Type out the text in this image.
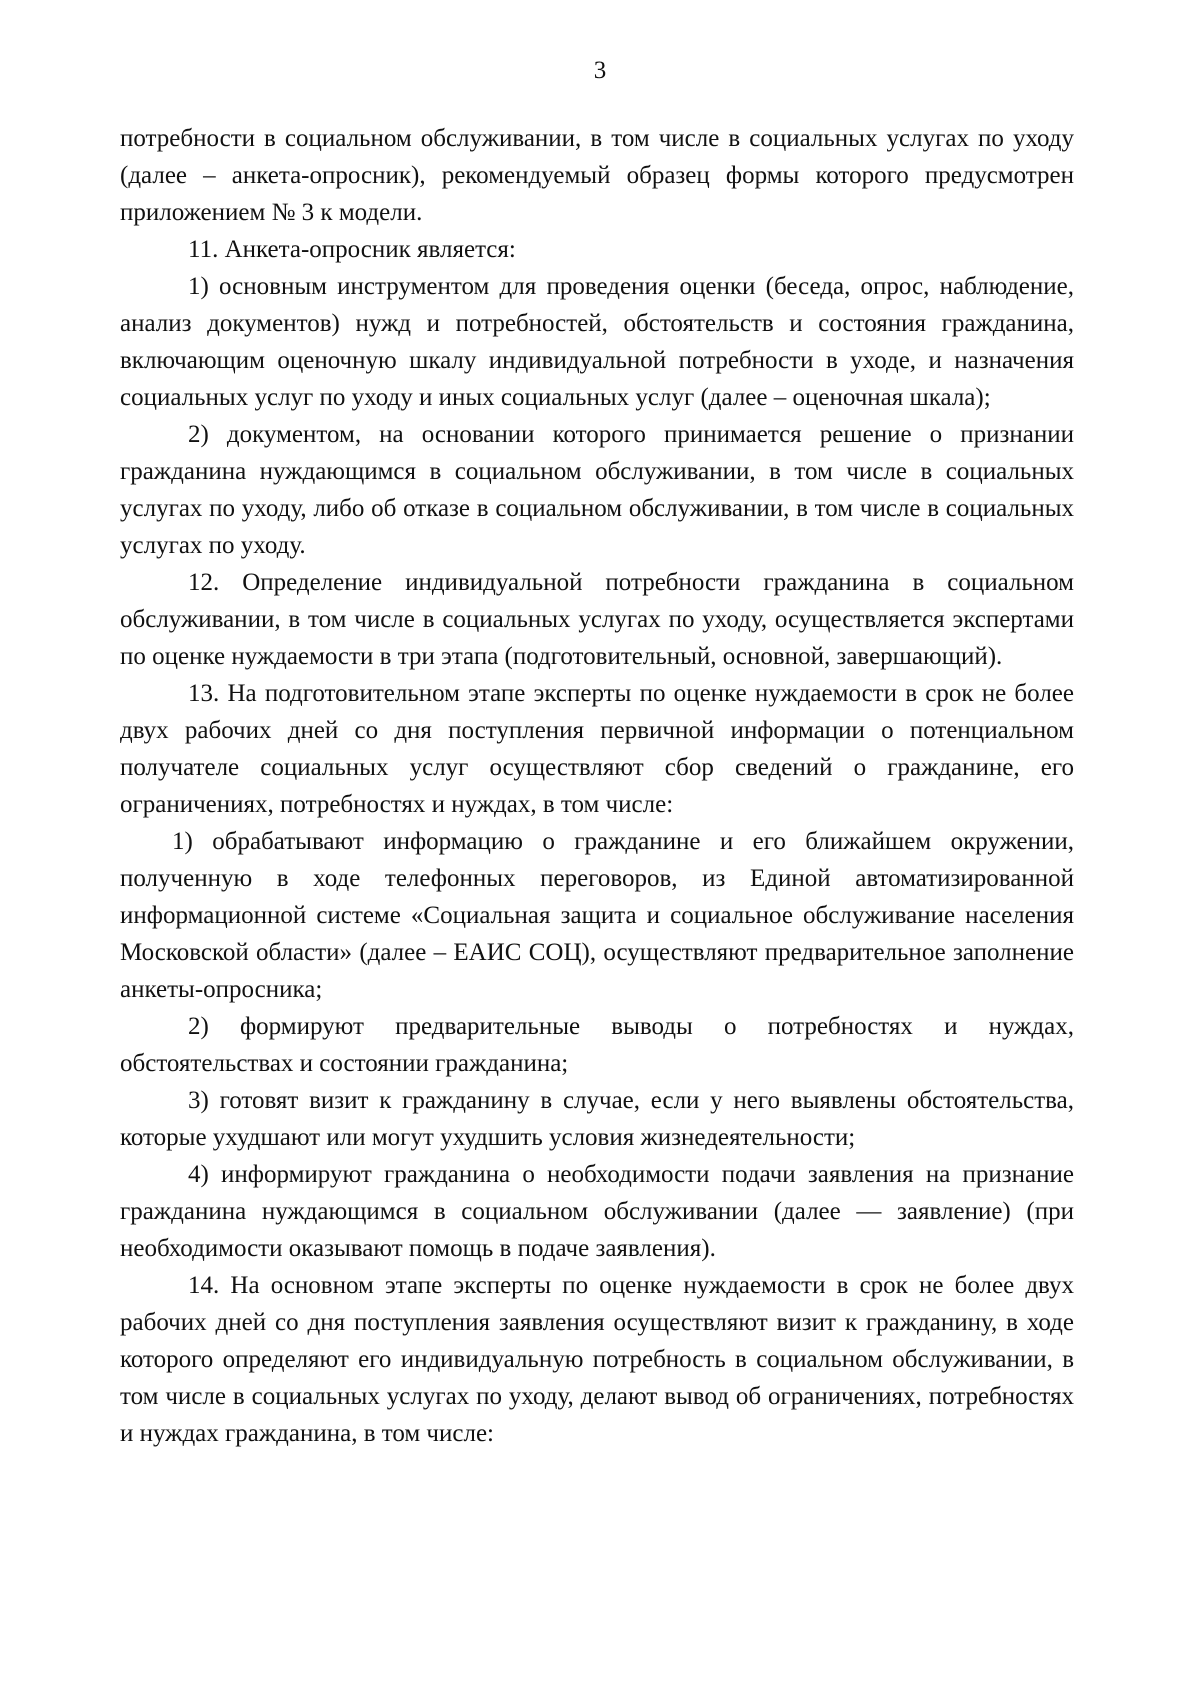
3

потребности в социальном обслуживании, в том числе в социальных услугах по уходу (далее – анкета-опросник), рекомендуемый образец формы которого предусмотрен приложением № 3 к модели.

11. Анкета-опросник является:

1) основным инструментом для проведения оценки (беседа, опрос, наблюдение, анализ документов) нужд и потребностей, обстоятельств и состояния гражданина, включающим оценочную шкалу индивидуальной потребности в уходе, и назначения социальных услуг по уходу и иных социальных услуг (далее – оценочная шкала);

2) документом, на основании которого принимается решение о признании гражданина нуждающимся в социальном обслуживании, в том числе в социальных услугах по уходу, либо об отказе в социальном обслуживании, в том числе в социальных услугах по уходу.

12. Определение индивидуальной потребности гражданина в социальном обслуживании, в том числе в социальных услугах по уходу, осуществляется экспертами по оценке нуждаемости в три этапа (подготовительный, основной, завершающий).

13. На подготовительном этапе эксперты по оценке нуждаемости в срок не более двух рабочих дней со дня поступления первичной информации о потенциальном получателе социальных услуг осуществляют сбор сведений о гражданине, его ограничениях, потребностях и нуждах, в том числе:

1) обрабатывают информацию о гражданине и его ближайшем окружении, полученную в ходе телефонных переговоров, из Единой автоматизированной информационной системе «Социальная защита и социальное обслуживание населения Московской области» (далее – ЕАИС СОЦ), осуществляют предварительное заполнение анкеты-опросника;

2) формируют предварительные выводы о потребностях и нуждах, обстоятельствах и состоянии гражданина;

3) готовят визит к гражданину в случае, если у него выявлены обстоятельства, которые ухудшают или могут ухудшить условия жизнедеятельности;

4) информируют гражданина о необходимости подачи заявления на признание гражданина нуждающимся в социальном обслуживании (далее — заявление) (при необходимости оказывают помощь в подаче заявления).

14. На основном этапе эксперты по оценке нуждаемости в срок не более двух рабочих дней со дня поступления заявления осуществляют визит к гражданину, в ходе которого определяют его индивидуальную потребность в социальном обслуживании, в том числе в социальных услугах по уходу, делают вывод об ограничениях, потребностях и нуждах гражданина, в том числе:
